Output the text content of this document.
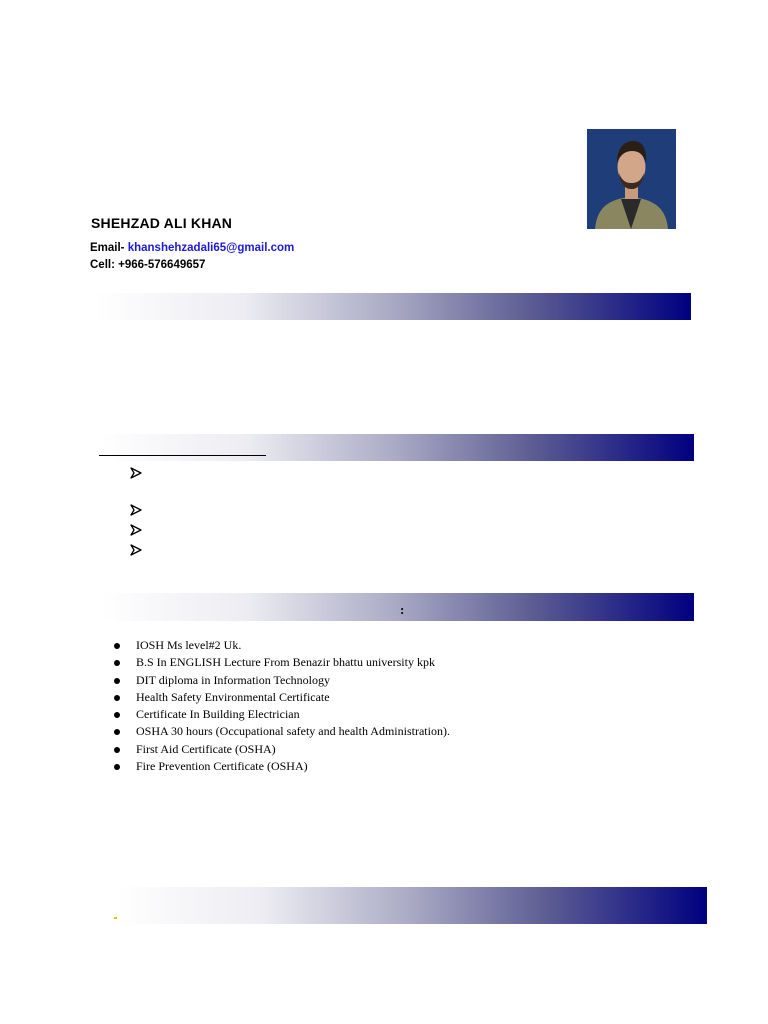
SHEHZAD ALI KHAN
Email- khanshehzadali65@gmail.com
Cell: +966-576649657
:
IOSH Ms level#2 Uk.
B.S In ENGLISH Lecture From Benazir bhattu university kpk
DIT diploma in Information Technology
Health Safety Environmental Certificate
Certificate In Building Electrician
OSHA 30 hours (Occupational safety and health Administration).
First Aid Certificate (OSHA)
Fire Prevention Certificate (OSHA)
